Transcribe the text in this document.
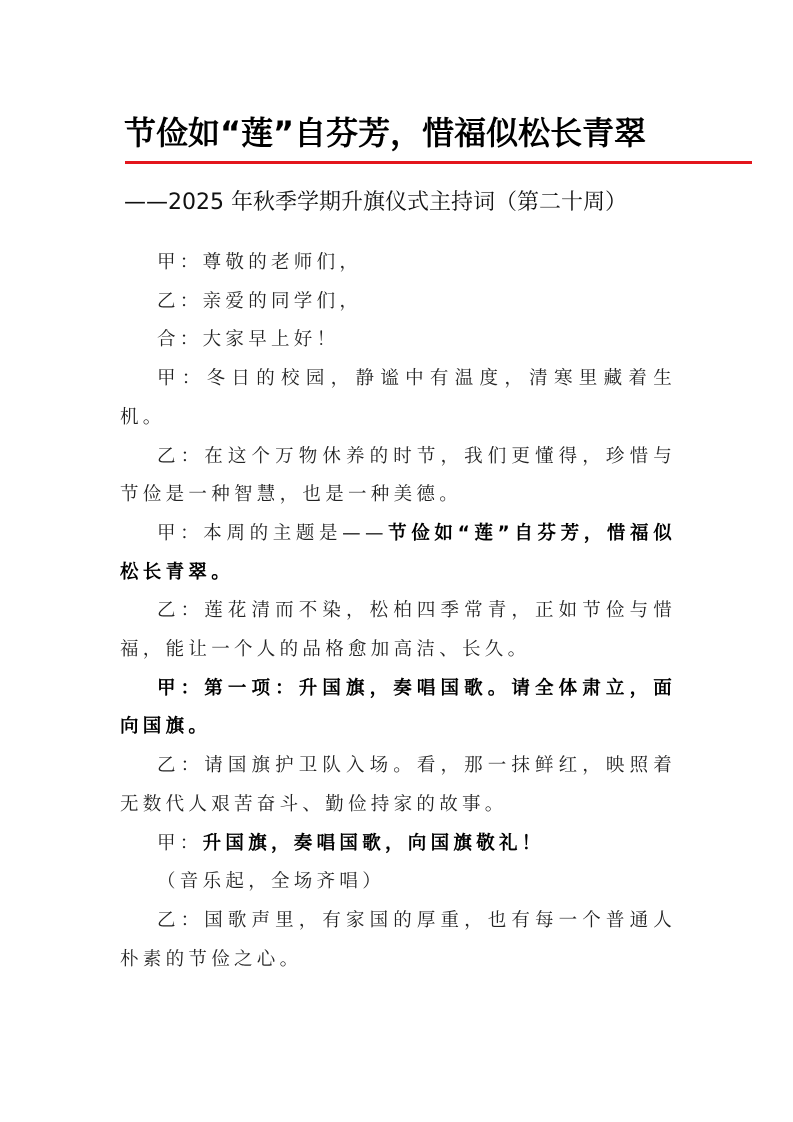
节俭如“莲”自芬芳，惜福似松长青翠
——2025 年秋季学期升旗仪式主持词（第二十周）

甲：尊敬的老师们，

乙：亲爱的同学们，

合：大家早上好！

甲：冬日的校园，静谧中有温度，清寒里藏着生机。

乙：在这个万物休养的时节，我们更懂得，珍惜与节俭是一种智慧，也是一种美德。

甲：本周的主题是——节俭如“莲”自芬芳，惜福似松长青翠。

乙：莲花清而不染，松柏四季常青，正如节俭与惜福，能让一个人的品格愈加高洁、长久。

甲：第一项：升国旗，奏唱国歌。请全体肃立，面向国旗。

乙：请国旗护卫队入场。看，那一抹鲜红，映照着无数代人艰苦奋斗、勤俭持家的故事。

甲：升国旗，奏唱国歌，向国旗敬礼！

（音乐起，全场齐唱）

乙：国歌声里，有家国的厚重，也有每一个普通人朴素的节俭之心。
